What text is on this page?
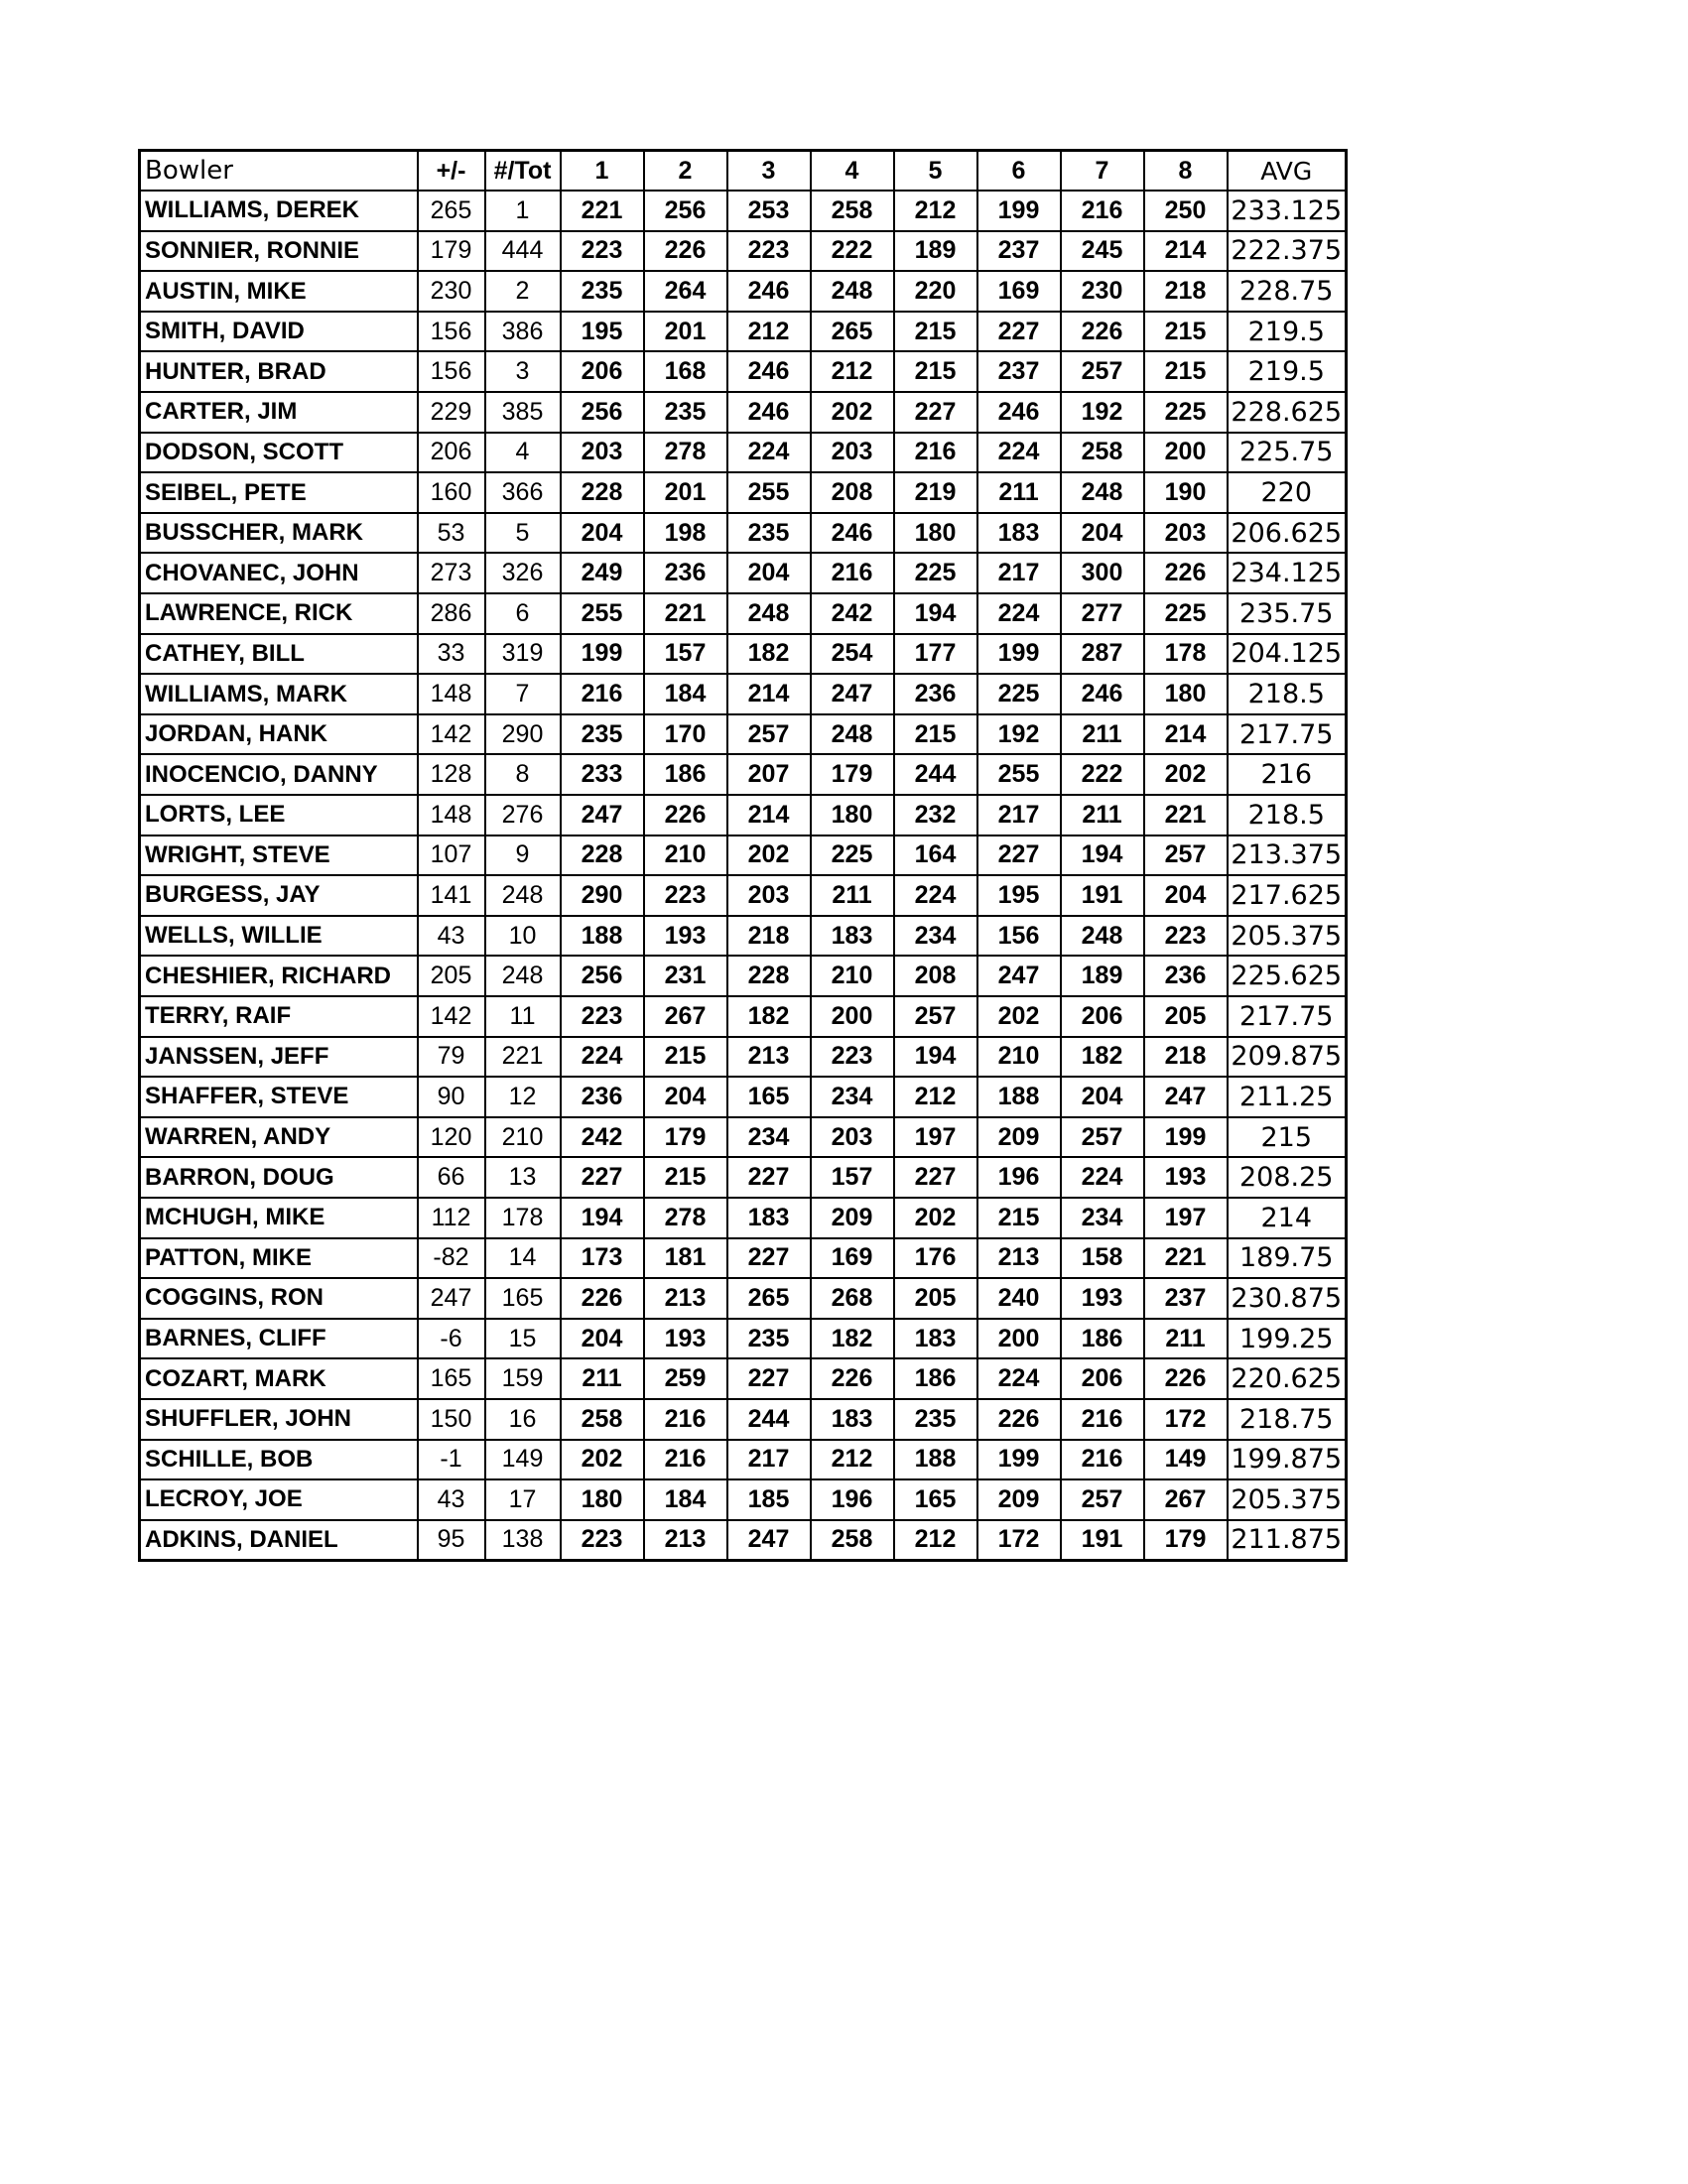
Bowler	+/-	#/Tot	1	2	3	4	5	6	7	8	AVG
WILLIAMS, DEREK	265	1	221	256	253	258	212	199	216	250	233.125
SONNIER, RONNIE	179	444	223	226	223	222	189	237	245	214	222.375
AUSTIN, MIKE	230	2	235	264	246	248	220	169	230	218	228.75
SMITH, DAVID	156	386	195	201	212	265	215	227	226	215	219.5
HUNTER, BRAD	156	3	206	168	246	212	215	237	257	215	219.5
CARTER, JIM	229	385	256	235	246	202	227	246	192	225	228.625
DODSON, SCOTT	206	4	203	278	224	203	216	224	258	200	225.75
SEIBEL, PETE	160	366	228	201	255	208	219	211	248	190	220
BUSSCHER, MARK	53	5	204	198	235	246	180	183	204	203	206.625
CHOVANEC, JOHN	273	326	249	236	204	216	225	217	300	226	234.125
LAWRENCE, RICK	286	6	255	221	248	242	194	224	277	225	235.75
CATHEY, BILL	33	319	199	157	182	254	177	199	287	178	204.125
WILLIAMS, MARK	148	7	216	184	214	247	236	225	246	180	218.5
JORDAN, HANK	142	290	235	170	257	248	215	192	211	214	217.75
INOCENCIO, DANNY	128	8	233	186	207	179	244	255	222	202	216
LORTS, LEE	148	276	247	226	214	180	232	217	211	221	218.5
WRIGHT, STEVE	107	9	228	210	202	225	164	227	194	257	213.375
BURGESS, JAY	141	248	290	223	203	211	224	195	191	204	217.625
WELLS, WILLIE	43	10	188	193	218	183	234	156	248	223	205.375
CHESHIER, RICHARD	205	248	256	231	228	210	208	247	189	236	225.625
TERRY, RAIF	142	11	223	267	182	200	257	202	206	205	217.75
JANSSEN, JEFF	79	221	224	215	213	223	194	210	182	218	209.875
SHAFFER, STEVE	90	12	236	204	165	234	212	188	204	247	211.25
WARREN, ANDY	120	210	242	179	234	203	197	209	257	199	215
BARRON, DOUG	66	13	227	215	227	157	227	196	224	193	208.25
MCHUGH, MIKE	112	178	194	278	183	209	202	215	234	197	214
PATTON, MIKE	-82	14	173	181	227	169	176	213	158	221	189.75
COGGINS, RON	247	165	226	213	265	268	205	240	193	237	230.875
BARNES, CLIFF	-6	15	204	193	235	182	183	200	186	211	199.25
COZART, MARK	165	159	211	259	227	226	186	224	206	226	220.625
SHUFFLER, JOHN	150	16	258	216	244	183	235	226	216	172	218.75
SCHILLE, BOB	-1	149	202	216	217	212	188	199	216	149	199.875
LECROY, JOE	43	17	180	184	185	196	165	209	257	267	205.375
ADKINS, DANIEL	95	138	223	213	247	258	212	172	191	179	211.875
